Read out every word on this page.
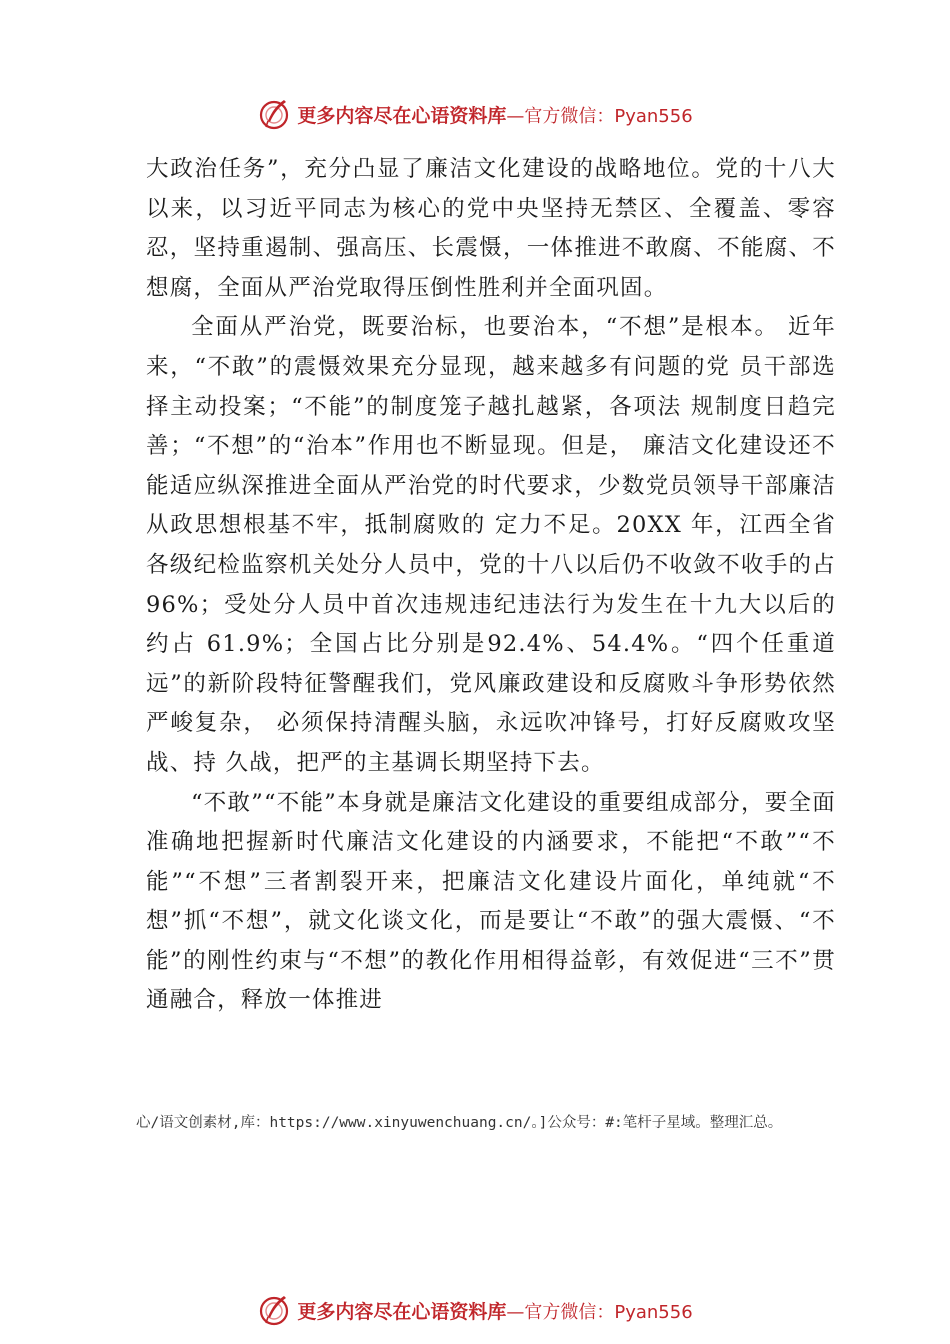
更多内容尽在心语资料库 —官方微信：Pyan556

大政治任务”，充分凸显了廉洁文化建设的战略地位。党的十八大以来，以习近平同志为核心的党中央坚持无禁区、全覆盖、零容忍，坚持重遏制、强高压、长震慑，一体推进不敢腐、不能腐、不想腐，全面从严治党取得压倒性胜利并全面巩固。

全面从严治党，既要治标，也要治本，“不想”是根本。 近年来，“不敢”的震慑效果充分显现，越来越多有问题的党 员干部选择主动投案；“不能”的制度笼子越扎越紧，各项法 规制度日趋完善；“不想”的“治本”作用也不断显现。但是， 廉洁文化建设还不能适应纵深推进全面从严治党的时代要求，少数党员领导干部廉洁从政思想根基不牢，抵制腐败的 定力不足。20XX 年，江西全省各级纪检监察机关处分人员中，党的十八以后仍不收敛不收手的占 96%；受处分人员中首次违规违纪违法行为发生在十九大以后的约占 61.9%；全国占比分别是92.4%、54.4%。“四个任重道远”的新阶段特征警醒我们，党风廉政建设和反腐败斗争形势依然严峻复杂， 必须保持清醒头脑，永远吹冲锋号，打好反腐败攻坚战、持 久战，把严的主基调长期坚持下去。

“不敢”“不能”本身就是廉洁文化建设的重要组成部分，要全面准确地把握新时代廉洁文化建设的内涵要求，不能把“不敢”“不能”“不想”三者割裂开来，把廉洁文化建设片面化，单纯就“不想”抓“不想”，就文化谈文化，而是要让“不敢”的强大震慑、“不能”的刚性约束与“不想”的教化作用相得益彰，有效促进“三不”贯通融合，释放一体推进

心/语文创素材,库：https://www.xinyuwenchuang.cn/。]公众号：#:笔杆子星域。整理汇总。
更多内容尽在心语资料库 —官方微信：Pyan556
